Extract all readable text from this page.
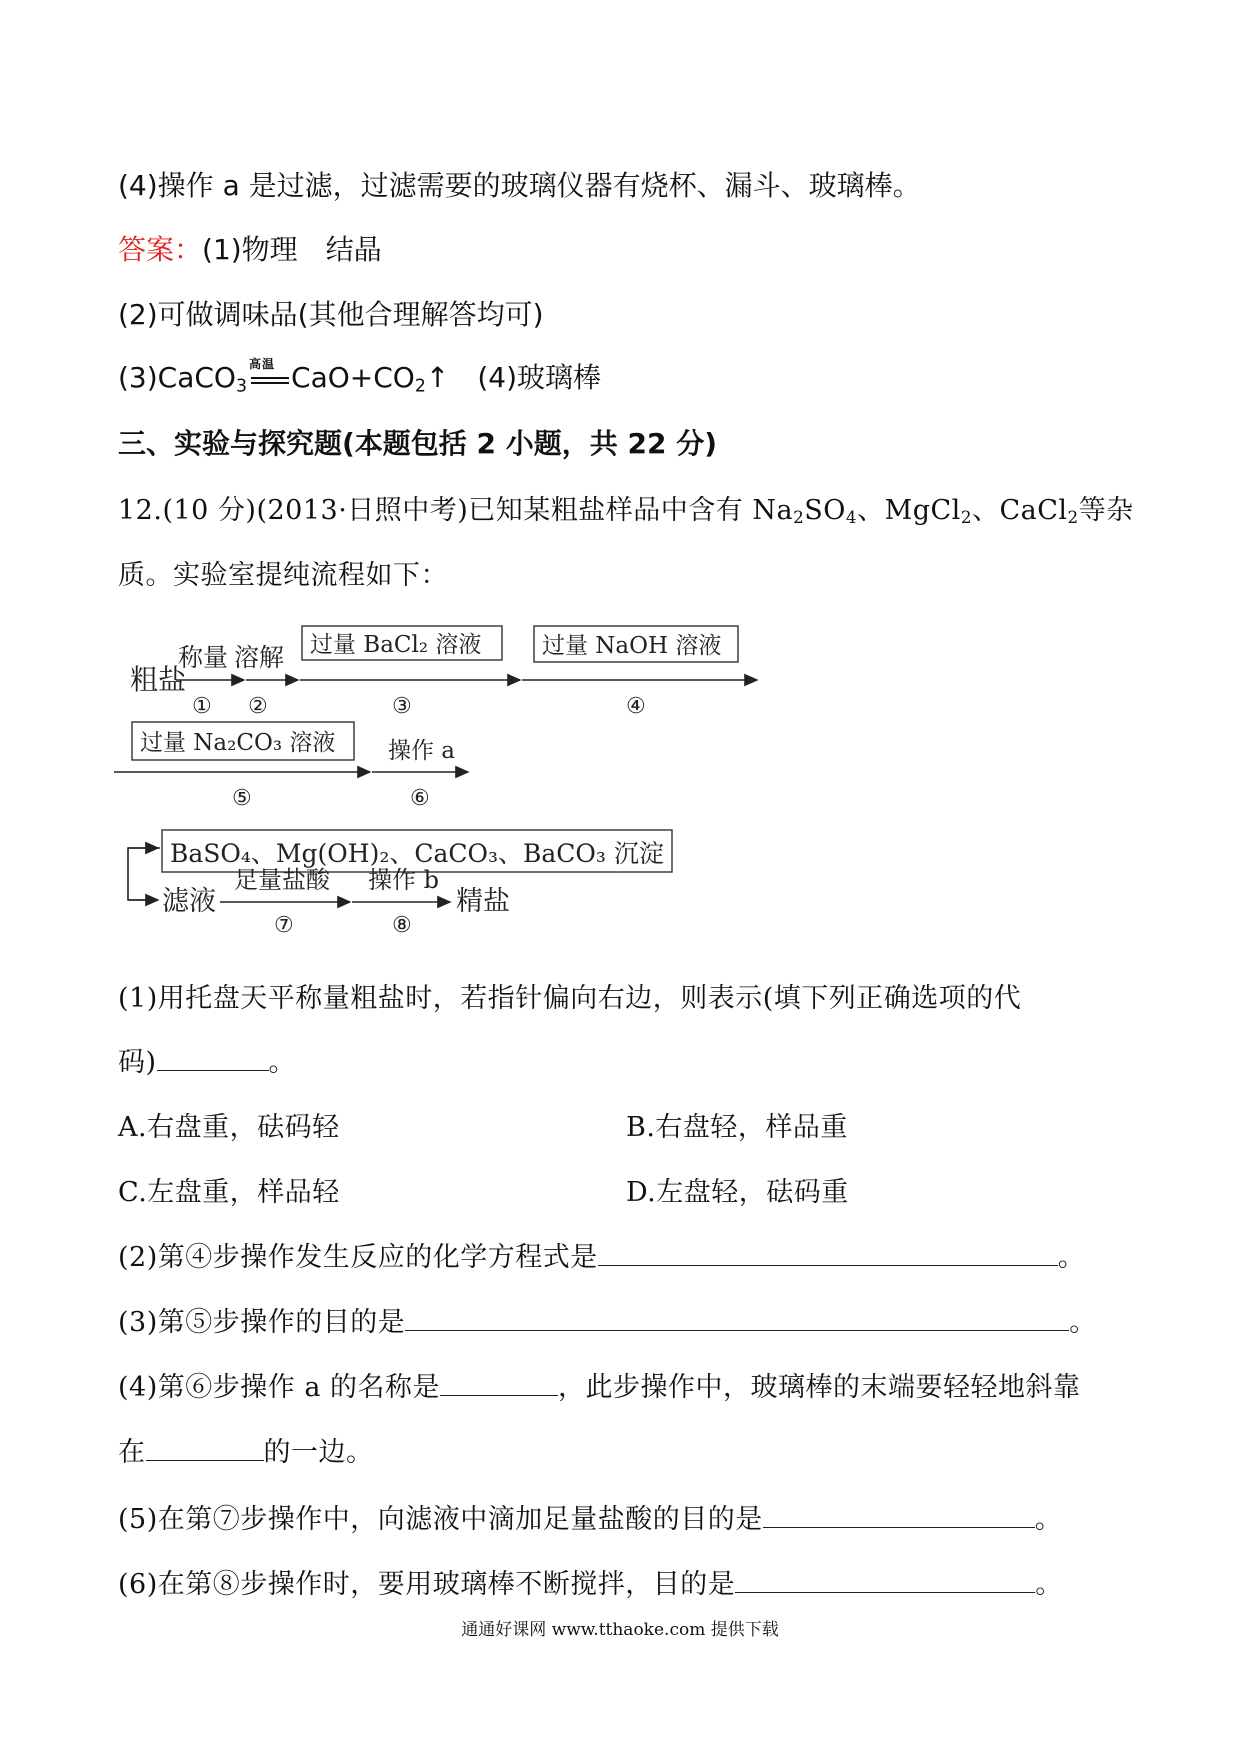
(4)操作 a 是过滤，过滤需要的玻璃仪器有烧杯、漏斗、玻璃棒。
答案：(1)物理 结晶
(2)可做调味品(其他合理解答均可)
(3)CaCO$_3$
高温 $CaO+CO_2↑$ (4)玻璃棒
三、实验与探究题(本题包括 2 小题，共 22 分)
12.(10 分)(2013·日照中考)已知某粗盐样品中含有 $Na_2SO_4$、MgCl$_2$、CaCl$_2$等杂
质。实验室提纯流程如下：
粗盐
称量
①
溶解
②
过量 BaCl₂ 溶液
③
过量 NaOH 溶液
④
过量 Na₂CO₃ 溶液
⑤
操作 a
⑥
BaSO₄、Mg(OH)₂、CaCO₃、BaCO₃ 沉淀
滤液
足量盐酸
⑦
操作 b
⑧
精盐
(1)用托盘天平称量粗盐时，若指针偏向右边，则表示(填下列正确选项的代
码)	。
A.右盘重，砝码轻	B.右盘轻，样品重
C.左盘重，样品轻	D.左盘轻，砝码重
(2)第④步操作发生反应的化学方程式是	。
(3)第⑤步操作的目的是	。
(4)第⑥步操作 a 的名称是	，此步操作中，玻璃棒的末端要轻轻地斜靠
在	的一边。
(5)在第⑦步操作中，向滤液中滴加足量盐酸的目的是	。
(6)在第⑧步操作时，要用玻璃棒不断搅拌，目的是	。
通通好课网 www.tthaoke.com 提供下载
